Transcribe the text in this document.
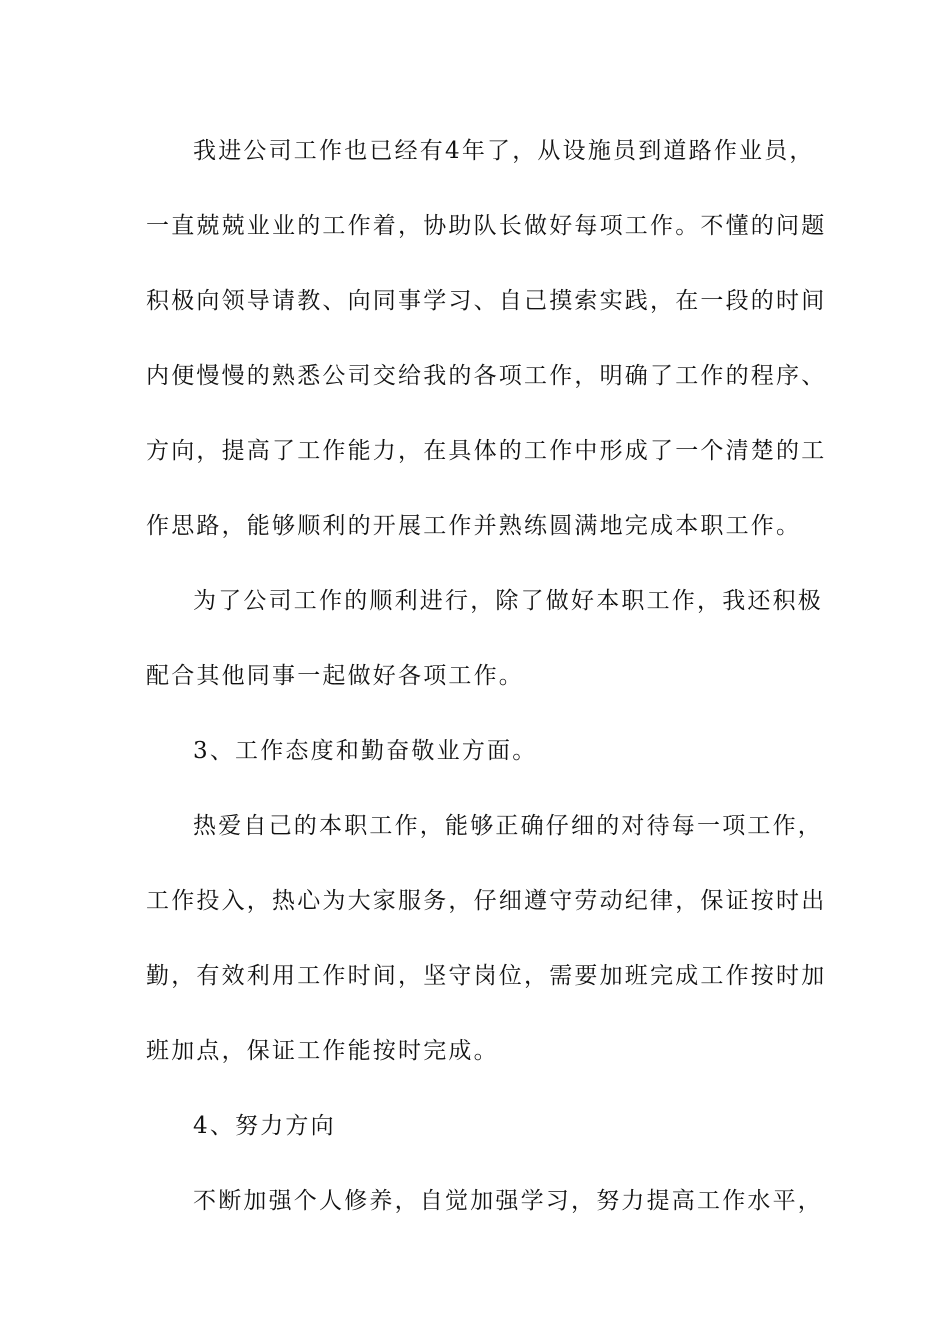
我进公司工作也已经有4年了，从设施员到道路作业员，
一直兢兢业业的工作着，协助队长做好每项工作。不懂的问题
积极向领导请教、向同事学习、自己摸索实践，在一段的时间
内便慢慢的熟悉公司交给我的各项工作，明确了工作的程序、
方向，提高了工作能力，在具体的工作中形成了一个清楚的工
作思路，能够顺利的开展工作并熟练圆满地完成本职工作。
为了公司工作的顺利进行，除了做好本职工作，我还积极
配合其他同事一起做好各项工作。
3、工作态度和勤奋敬业方面。
热爱自己的本职工作，能够正确仔细的对待每一项工作，
工作投入，热心为大家服务，仔细遵守劳动纪律，保证按时出
勤，有效利用工作时间，坚守岗位，需要加班完成工作按时加
班加点，保证工作能按时完成。
4、努力方向
不断加强个人修养，自觉加强学习，努力提高工作水平，
